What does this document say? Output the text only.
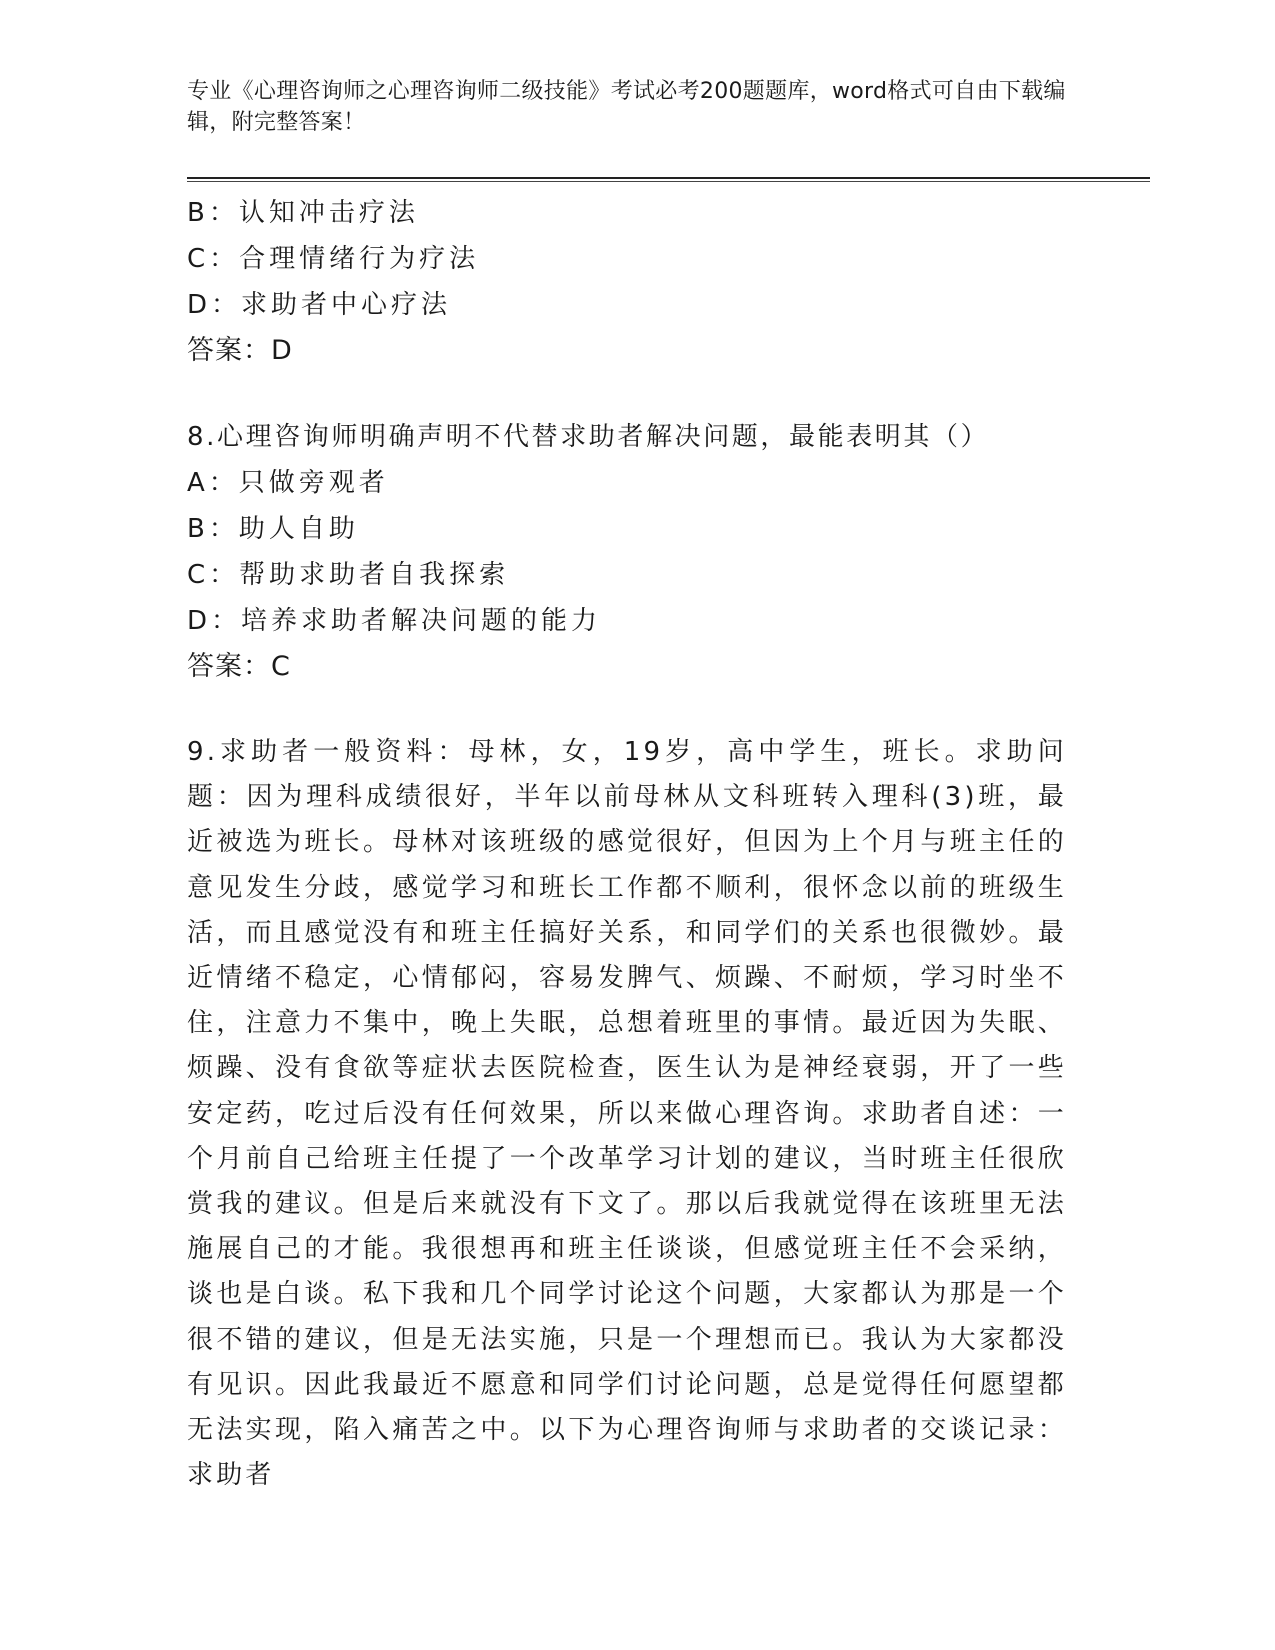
专业《心理咨询师之心理咨询师二级技能》考试必考200题题库，word格式可自由下载编辑，附完整答案！
B：认知冲击疗法
C：合理情绪行为疗法
D：求助者中心疗法
答案：D
8.心理咨询师明确声明不代替求助者解决问题，最能表明其（）
A：只做旁观者
B：助人自助
C：帮助求助者自我探索
D：培养求助者解决问题的能力
答案：C
9.求助者一般资料：母林，女，19岁，高中学生，班长。求助问题：因为理科成绩很好，半年以前母林从文科班转入理科(3)班，最近被选为班长。母林对该班级的感觉很好，但因为上个月与班主任的意见发生分歧，感觉学习和班长工作都不顺利，很怀念以前的班级生活，而且感觉没有和班主任搞好关系，和同学们的关系也很微妙。最近情绪不稳定，心情郁闷，容易发脾气、烦躁、不耐烦，学习时坐不住，注意力不集中，晚上失眠，总想着班里的事情。最近因为失眠、烦躁、没有食欲等症状去医院检查，医生认为是神经衰弱，开了一些安定药，吃过后没有任何效果，所以来做心理咨询。求助者自述：一个月前自己给班主任提了一个改革学习计划的建议，当时班主任很欣赏我的建议。但是后来就没有下文了。那以后我就觉得在该班里无法施展自己的才能。我很想再和班主任谈谈，但感觉班主任不会采纳，谈也是白谈。私下我和几个同学讨论这个问题，大家都认为那是一个很不错的建议，但是无法实施，只是一个理想而已。我认为大家都没有见识。因此我最近不愿意和同学们讨论问题，总是觉得任何愿望都无法实现，陷入痛苦之中。以下为心理咨询师与求助者的交谈记录：求助者
